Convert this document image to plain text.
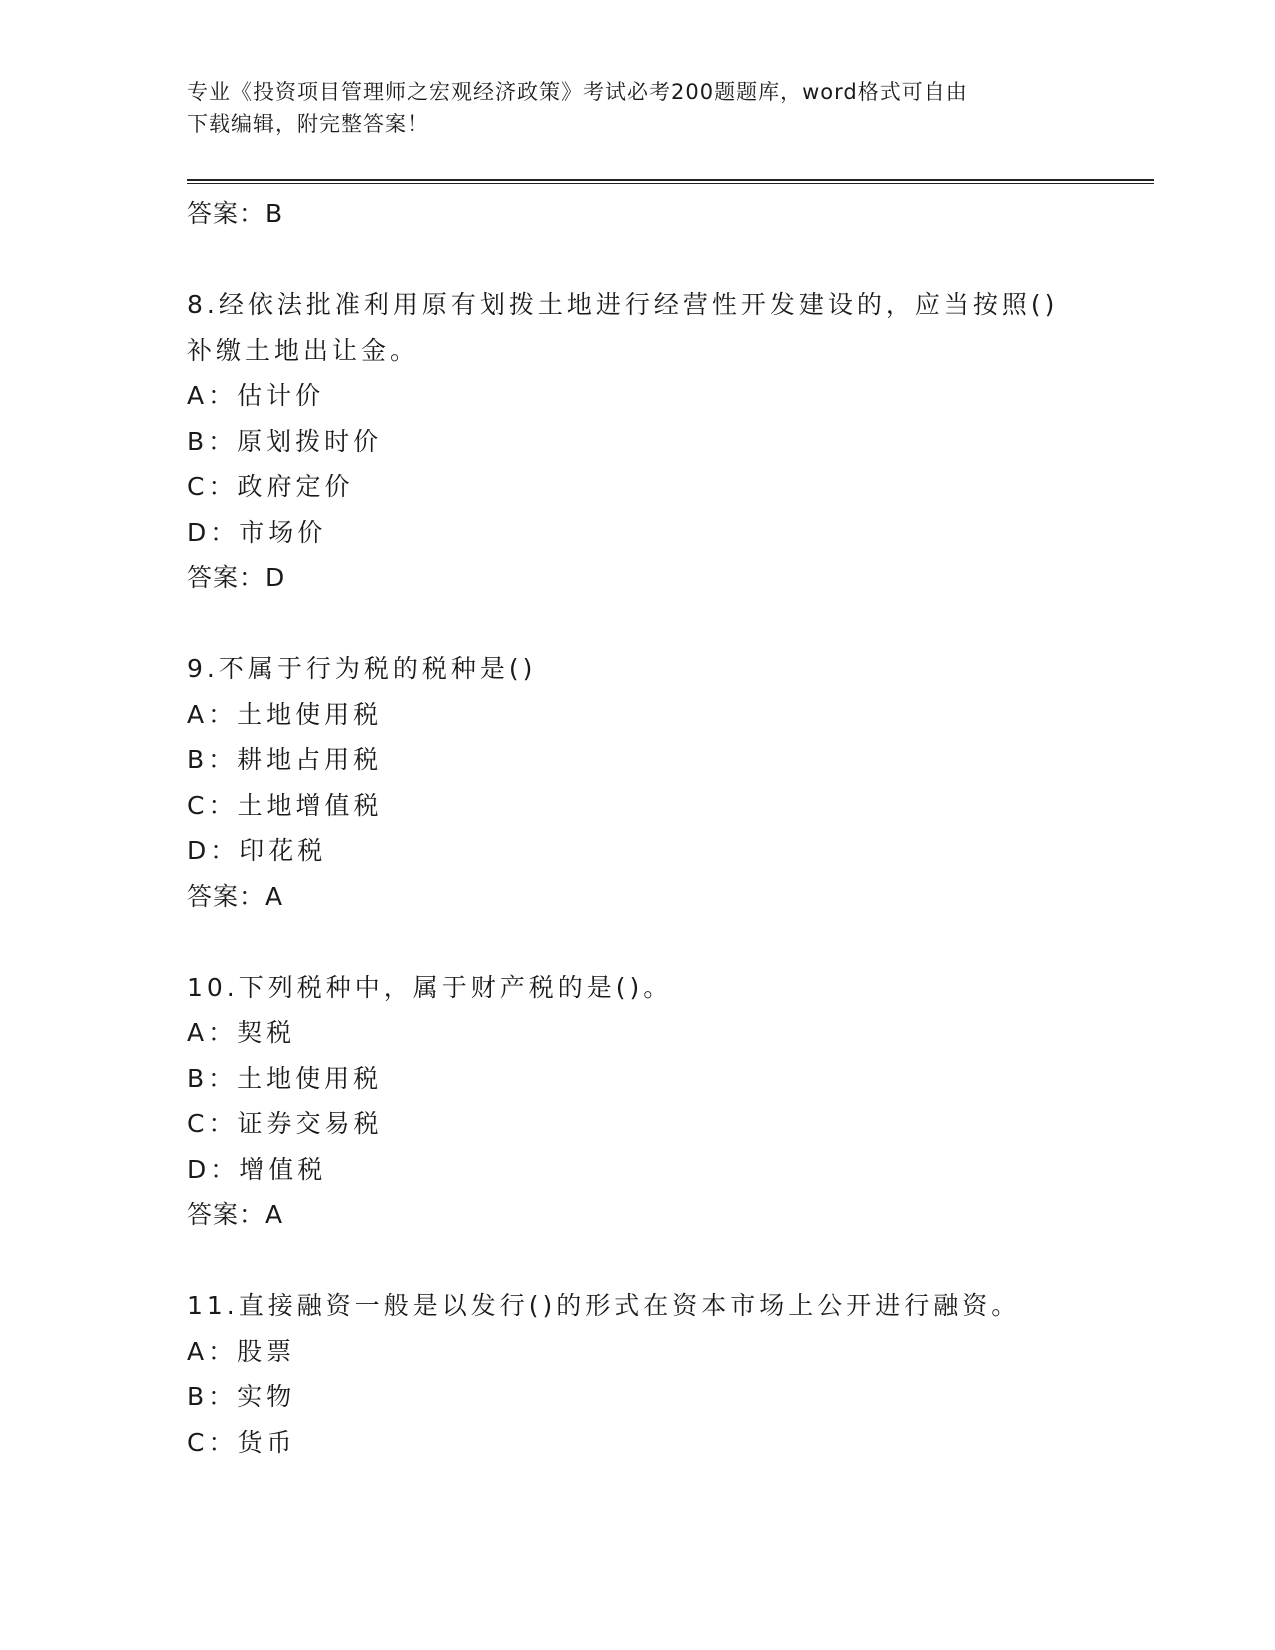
专业《投资项目管理师之宏观经济政策》考试必考200题题库，word格式可自由
下载编辑，附完整答案！
答案：B
8.经依法批准利用原有划拨土地进行经营性开发建设的，应当按照()
补缴土地出让金。
A：估计价
B：原划拨时价
C：政府定价
D：市场价
答案：D
9.不属于行为税的税种是()
A：土地使用税
B：耕地占用税
C：土地增值税
D：印花税
答案：A
10.下列税种中，属于财产税的是()。
A：契税
B：土地使用税
C：证券交易税
D：增值税
答案：A
11.直接融资一般是以发行()的形式在资本市场上公开进行融资。
A：股票
B：实物
C：货币
